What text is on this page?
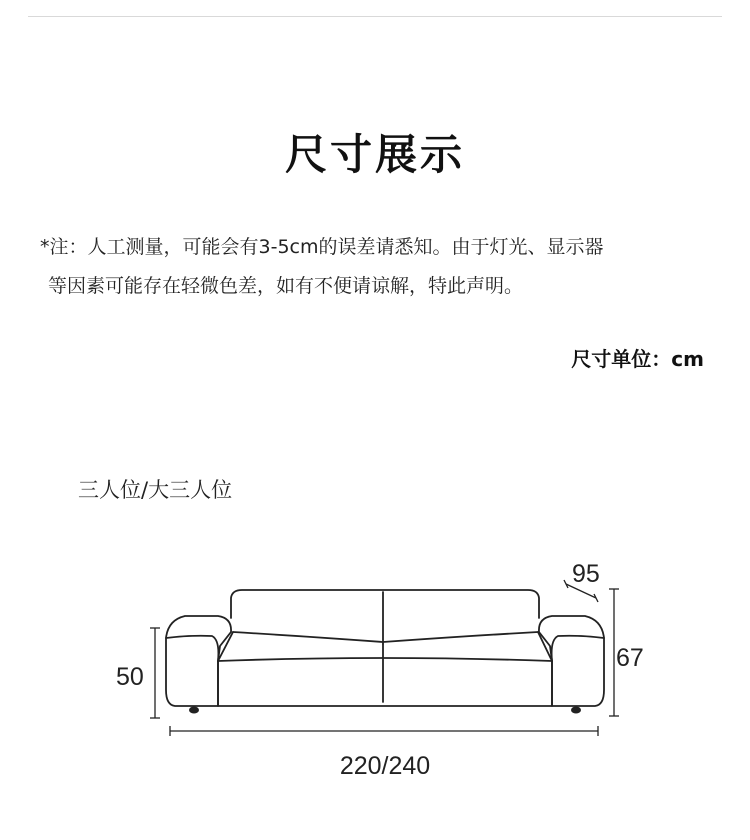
尺寸展示
*注：人工测量，可能会有3-5cm的误差请悉知。由于灯光、显示器
等因素可能存在轻微色差，如有不便请谅解，特此声明。
尺寸单位：cm
三人位/大三人位
95
67
50
220/240
